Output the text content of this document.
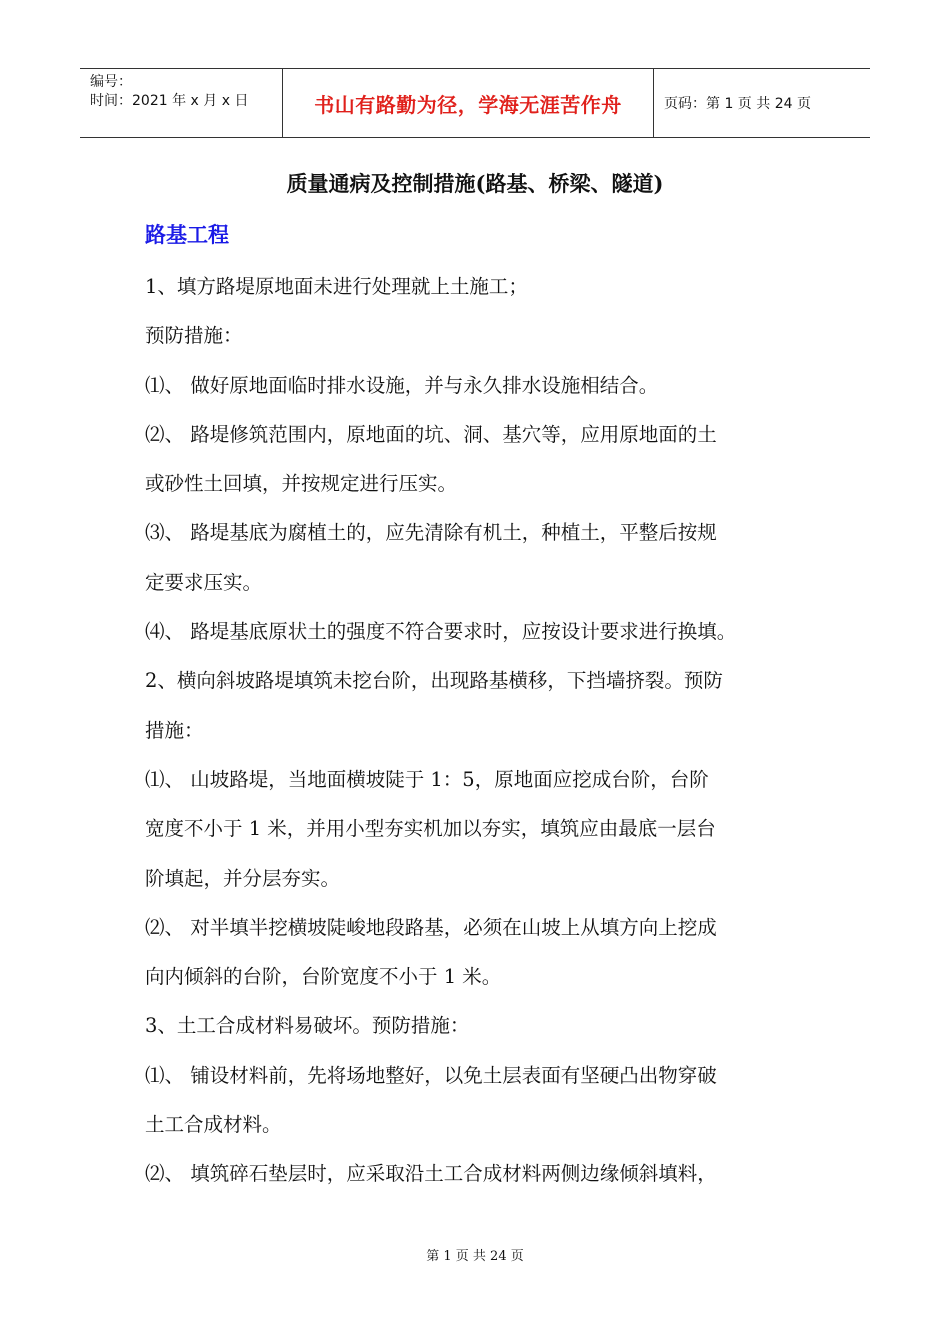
编号：
时间：2021 年 x 月 x 日	书山有路勤为径，学海无涯苦作舟	页码：第 1 页 共 24 页
质量通病及控制措施(路基、桥梁、隧道)
路基工程
1、填方路堤原地面未进行处理就上土施工；
预防措施：
⑴、 做好原地面临时排水设施，并与永久排水设施相结合。
⑵、 路堤修筑范围内，原地面的坑、洞、基穴等，应用原地面的土
或砂性土回填，并按规定进行压实。
⑶、 路堤基底为腐植土的，应先清除有机土，种植土，平整后按规
定要求压实。
⑷、 路堤基底原状土的强度不符合要求时，应按设计要求进行换填。
2、横向斜坡路堤填筑未挖台阶，出现路基横移，下挡墙挤裂。预防
措施：
⑴、 山坡路堤，当地面横坡陡于 1：5，原地面应挖成台阶，台阶
宽度不小于 1 米，并用小型夯实机加以夯实，填筑应由最底一层台
阶填起，并分层夯实。
⑵、 对半填半挖横坡陡峻地段路基，必须在山坡上从填方向上挖成
向内倾斜的台阶，台阶宽度不小于 1 米。
3、土工合成材料易破坏。预防措施：
⑴、 铺设材料前，先将场地整好，以免土层表面有坚硬凸出物穿破
土工合成材料。
⑵、 填筑碎石垫层时，应采取沿土工合成材料两侧边缘倾斜填料，
第 1 页 共 24 页
